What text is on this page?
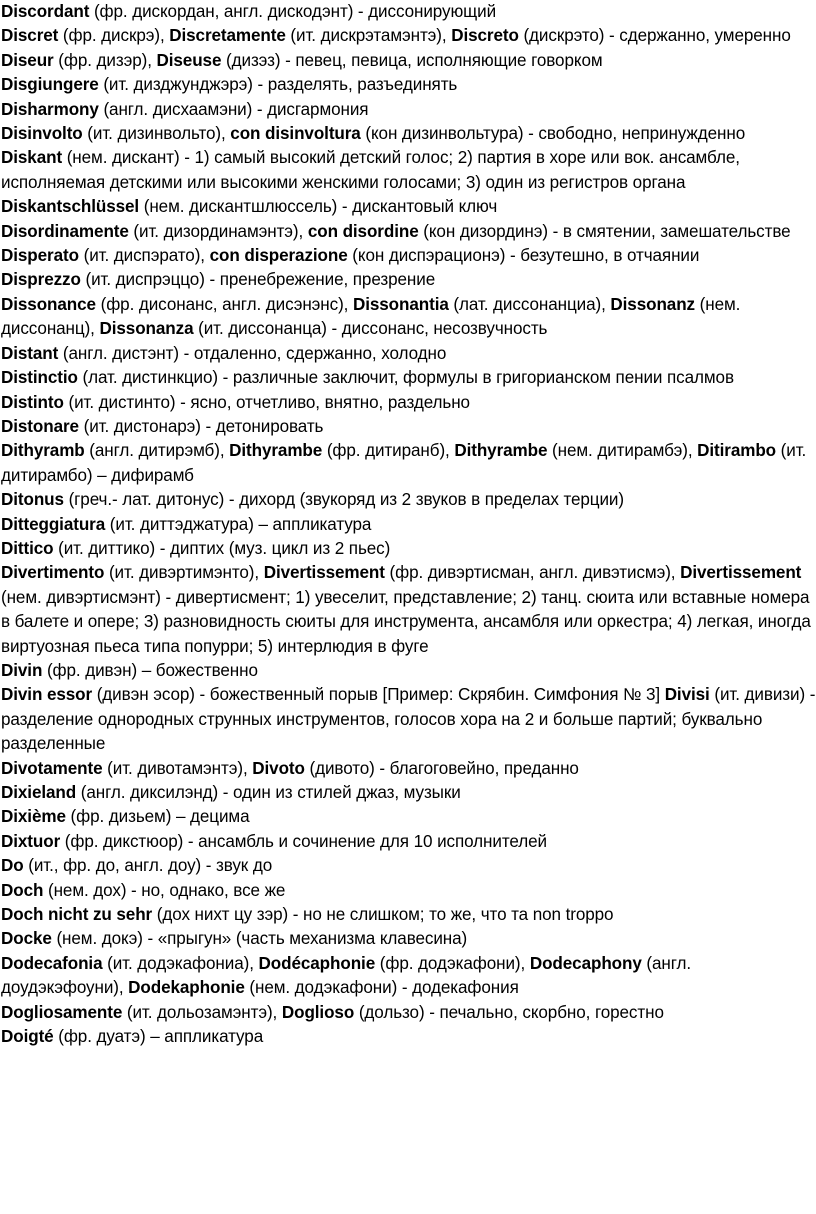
Discordant (фр. дискордан, англ. дискодэнт) - диссонирующий

Discret (фр. дискрэ), Discretamente (ит. дискрэтамэнтэ), Discreto (дискрэто) - сдержанно, умеренно

Diseur (фр. дизэр), Diseuse (дизэз) - певец, певица, исполняющие говорком

Disgiungere (ит. дизджунджэрэ) - разделять, разъединять

Disharmony (англ. дисхаамэни) - дисгармония

Disinvolto (ит. дизинвольто), con disinvoltura (кон дизинвольтура) - свободно, непринужденно

Diskant (нем. дискант) - 1) самый высокий детский голос; 2) партия в хоре или вок. ансамбле, исполняемая детскими или высокими женскими голосами; 3) один из регистров органа

Diskantschlüssel (нем. дискантшлюссель) - дискантовый ключ

Disordinamente (ит. дизординамэнтэ), con disordine (кон дизординэ) - в смятении, замешательстве

Disperato (ит. диспэрато), con disperazione (кон диспэрационэ) - безутешно, в отчаянии

Disprezzo (ит. диспрэццо) - пренебрежение, презрение

Dissonance (фр. дисонанс, англ. дисэнэнс), Dissonantia (лат. диссонанциа), Dissonanz (нем. диссонанц), Dissonanza (ит. диссонанца) - диссонанс, несозвучность

Distant (англ. дистэнт) - отдаленно, сдержанно, холодно

Distinctio (лат. дистинкцио) - различные заключит, формулы в григорианском пении псалмов

Distinto (ит. дистинто) - ясно, отчетливо, внятно, раздельно

Distonare (ит. дистонарэ) - детонировать

Dithyramb (англ. дитирэмб), Dithyrambe (фр. дитиранб), Dithyrambe (нем. дитирамбэ), Ditirambo (ит. дитирамбо) – дифирамб

Ditonus (греч.- лат. дитонус) - дихорд (звукоряд из 2 звуков в пределах терции)

Ditteggiatura (ит. диттэджатура) – аппликатура

Dittico (ит. диттико) - диптих (муз. цикл из 2 пьес)

Divertimento (ит. дивэртимэнто), Divertissement (фр. дивэртисман, англ. дивэтисмэ), Divertissement (нем. дивэртисмэнт) - дивертисмент; 1) увеселит, представление; 2) танц. сюита или вставные номера в балете и опере; 3) разновидность сюиты для инструмента, ансамбля или оркестра; 4) легкая, иногда виртуозная пьеса типа попурри; 5) интерлюдия в фуге

Divin (фр. дивэн) – божественно

Divin essor (дивэн эсор) - божественный порыв [Пример: Скрябин. Симфония № 3] Divisi (ит. дивизи) - разделение однородных струнных инструментов, голосов хора на 2 и больше партий; буквально разделенные

Divotamente (ит. дивотамэнтэ), Divoto (дивото) - благоговейно, преданно

Dixieland (англ. диксилэнд) - один из стилей джаз, музыки

Dixième (фр. дизьем) – децима

Dixtuor (фр. дикстюор) - ансамбль и сочинение для 10 исполнителей

Do (ит., фр. до, англ. доу) - звук до

Doch (нем. дох) - но, однако, все же

Doch nicht zu sehr (дох нихт цу зэр) - но не слишком; то же, что та non troppo

Docke (нем. докэ) - «прыгун» (часть механизма клавесина)

Dodecafonia (ит. додэкафониа), Dodécaphonie (фр. додэкафони), Dodecaphony (англ. доудэкэфоуни), Dodekaphonie (нем. додэкафони) - додекафония

Dogliosamente (ит. дольозамэнтэ), Doglioso (дользо) - печально, скорбно, горестно

Doigté (фр. дуатэ) – аппликатура
